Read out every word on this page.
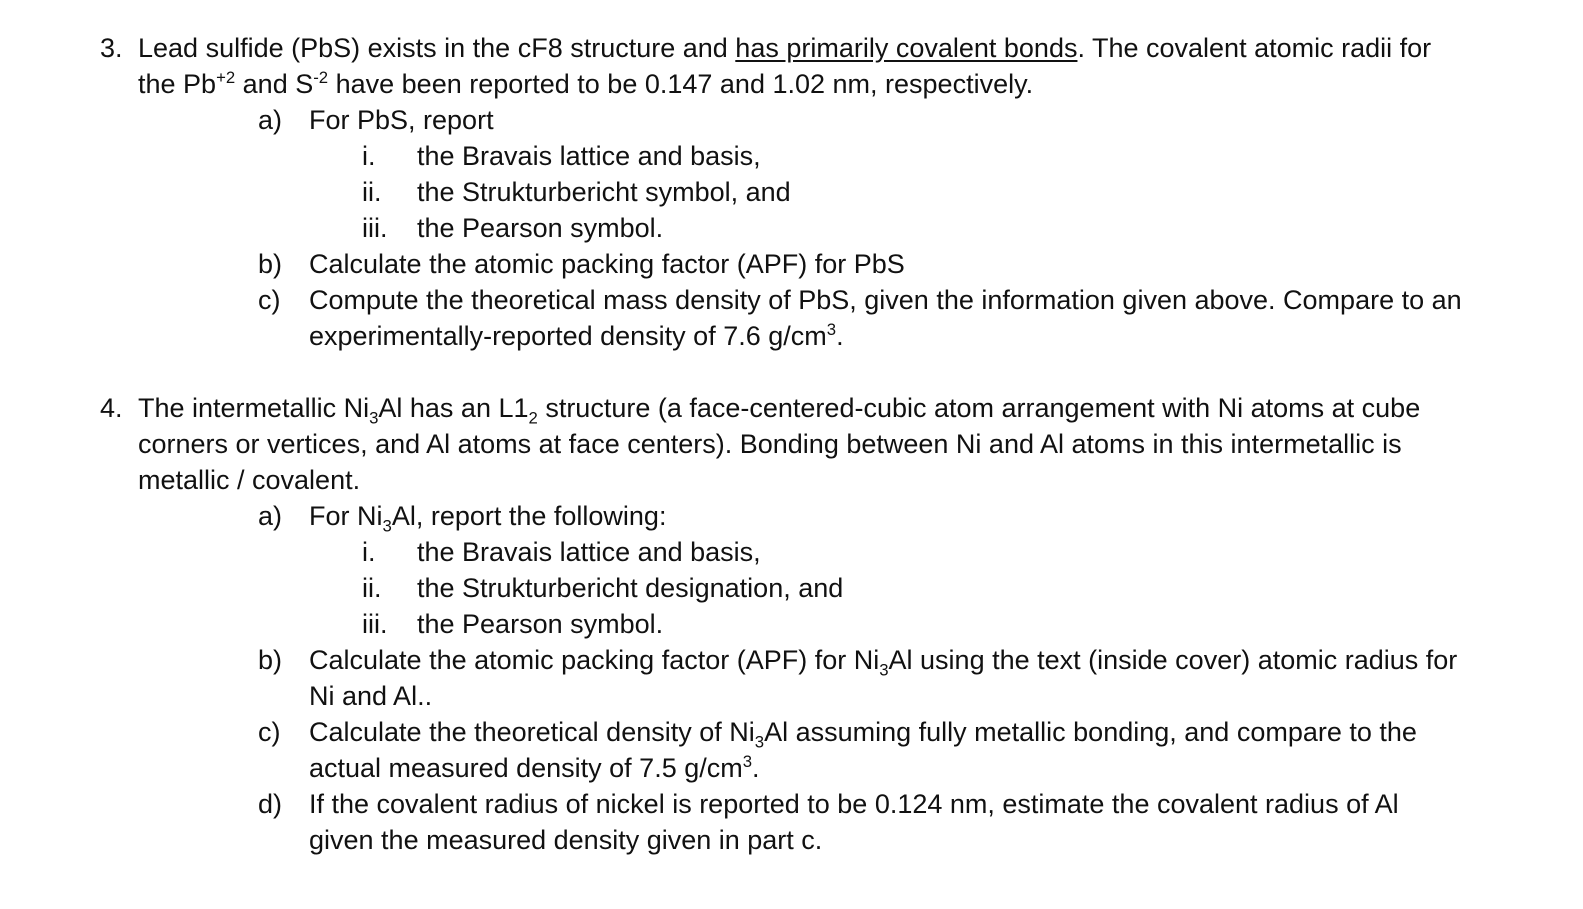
3. Lead sulfide (PbS) exists in the cF8 structure and has primarily covalent bonds. The covalent atomic radii for the $Pb^{+2}$ and $S^{-2}$ have been reported to be 0.147 and 1.02 nm, respectively.

a) For PbS, report

i.	the Bravais lattice and basis,

ii.	the Strukturbericht symbol, and

iii.	the Pearson symbol.

b) Calculate the atomic packing factor (APF) for PbS

c)	Compute the theoretical mass density of PbS, given the information given above. Compare to an experimentally-reported density of 7.6 $g/cm^3$.

4. The intermetallic $Ni_3Al$ has an $L1_2$ structure (a face-centered-cubic atom arrangement with Ni atoms at cube corners or vertices, and Al atoms at face centers). Bonding between Ni and Al atoms in this intermetallic is metallic / covalent.

a) For $Ni_3Al$, report the following:

i.	the Bravais lattice and basis,

ii.	the Strukturbericht designation, and

iii.	the Pearson symbol.

b) Calculate the atomic packing factor (APF) for $Ni_3Al$ using the text (inside cover) atomic radius for Ni and Al..

c)	Calculate the theoretical density of $Ni_3Al$ assuming fully metallic bonding, and compare to the actual measured density of 7.5 $g/cm^3$.

d) If the covalent radius of nickel is reported to be 0.124 nm, estimate the covalent radius of Al given the measured density given in part c.
